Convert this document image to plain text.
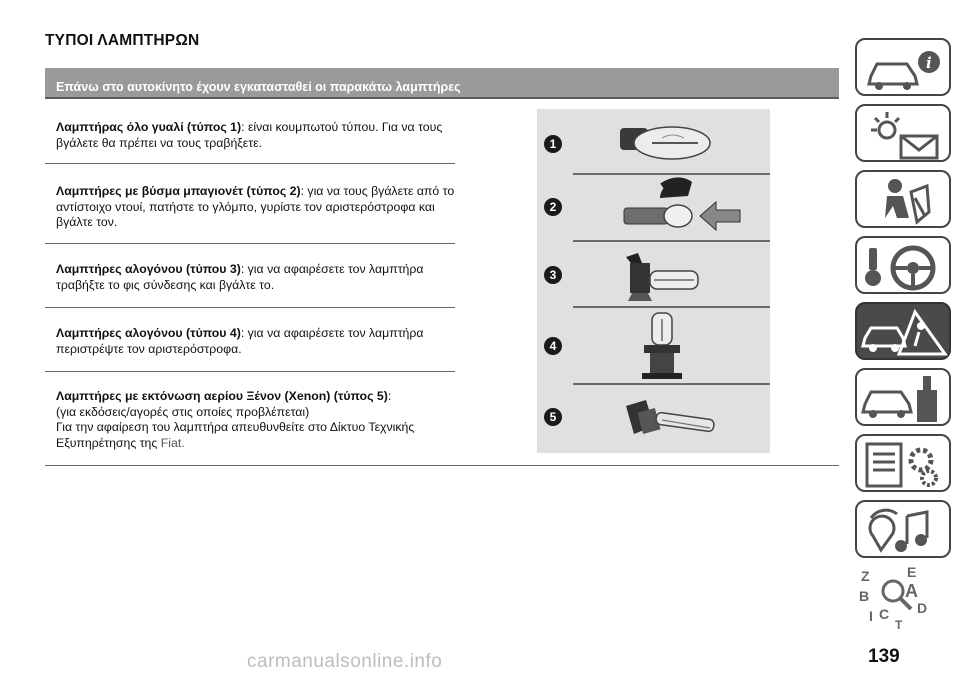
ΤΥΠΟΙ ΛΑΜΠΤΗΡΩΝ
Επάνω στο αυτοκίνητο έχουν εγκατασταθεί οι παρακάτω λαμπτήρες
Λαμπτήρας όλο γυαλί (τύπος 1): είναι κουμπωτού τύπου. Για να τους βγάλετε θα πρέπει να τους τραβήξετε.
Λαμπτήρες με βύσμα μπαγιονέτ (τύπος 2): για να τους βγάλετε από το αντίστοιχο ντουί, πατήστε το γλόμπο, γυρίστε τον αριστερόστροφα και βγάλτε τον.
Λαμπτήρες αλογόνου (τύπου 3): για να αφαιρέσετε τον λαμπτήρα τραβήξτε το φις σύνδεσης και βγάλτε το.
Λαμπτήρες αλογόνου (τύπου 4): για να αφαιρέσετε τον λαμπτήρα περιστρέψτε τον αριστερόστροφα.
Λαμπτήρες με εκτόνωση αερίου Ξένον (Xenon) (τύπος 5):
(για εκδόσεις/αγορές στις οποίες προβλέπεται)
Για την αφαίρεση του λαμπτήρα απευθυνθείτε στο Δίκτυο Τεχνικής Εξυπηρέτησης της Fiat.
1
2
3
4
5
i
Z	E
B A
C D
I
T
carmanualsonline.info	139
